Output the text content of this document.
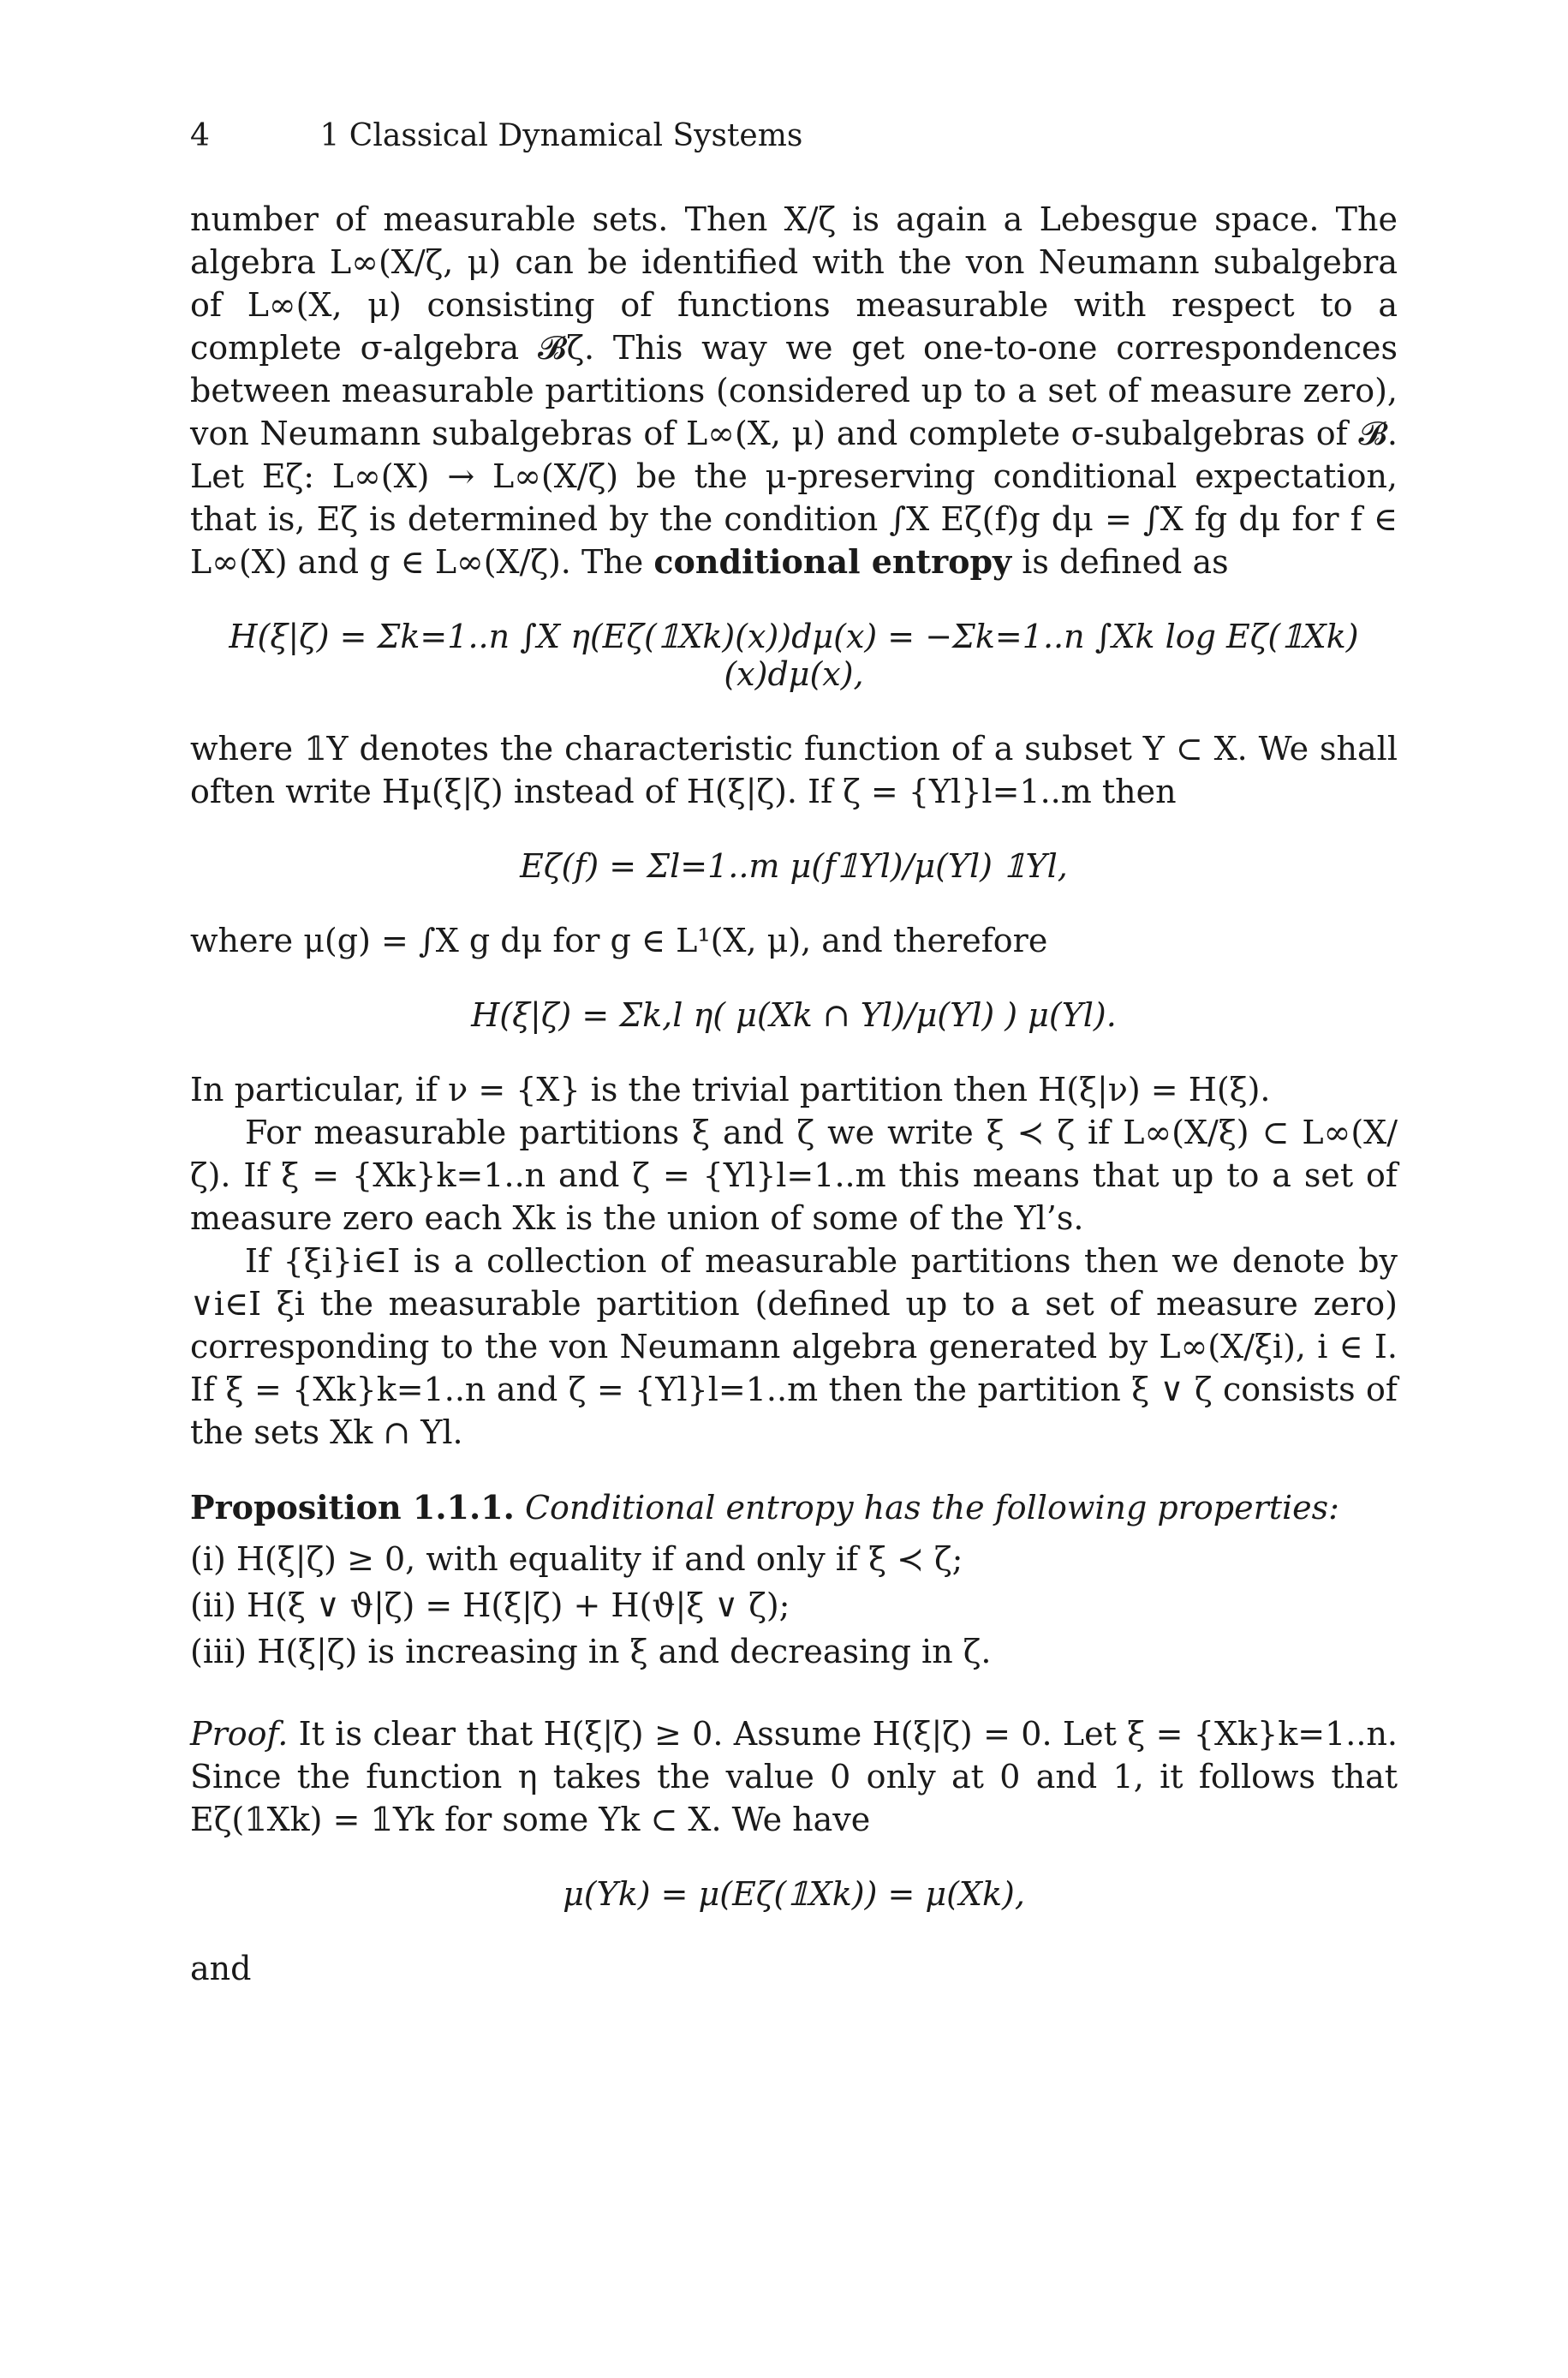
4	1 Classical Dynamical Systems

number of measurable sets. Then X/ζ is again a Lebesgue space. The algebra L∞(X/ζ, μ) can be identified with the von Neumann subalgebra of L∞(X, μ) consisting of functions measurable with respect to a complete σ-algebra 𝓑ζ. This way we get one-to-one correspondences between measurable partitions (considered up to a set of measure zero), von Neumann subalgebras of L∞(X, μ) and complete σ-subalgebras of 𝓑. Let Eζ: L∞(X) → L∞(X/ζ) be the μ-preserving conditional expectation, that is, Eζ is determined by the condition ∫X Eζ(f)g dμ = ∫X fg dμ for f ∈ L∞(X) and g ∈ L∞(X/ζ). The conditional entropy is defined as

H(ξ|ζ) = Σk=1..n ∫X η(Eζ(𝟙Xk)(x))dμ(x) = −Σk=1..n ∫Xk log Eζ(𝟙Xk)(x)dμ(x),

where 𝟙Y denotes the characteristic function of a subset Y ⊂ X. We shall often write Hμ(ξ|ζ) instead of H(ξ|ζ). If ζ = {Yl}l=1..m then

Eζ(f) = Σl=1..m μ(f𝟙Yl)/μ(Yl) 𝟙Yl,

where μ(g) = ∫X g dμ for g ∈ L¹(X, μ), and therefore

H(ξ|ζ) = Σk,l η( μ(Xk ∩ Yl)/μ(Yl) ) μ(Yl).

In particular, if ν = {X} is the trivial partition then H(ξ|ν) = H(ξ).

For measurable partitions ξ and ζ we write ξ ≺ ζ if L∞(X/ξ) ⊂ L∞(X/ζ). If ξ = {Xk}k=1..n and ζ = {Yl}l=1..m this means that up to a set of measure zero each Xk is the union of some of the Yl’s.

If {ξi}i∈I is a collection of measurable partitions then we denote by ∨i∈I ξi the measurable partition (defined up to a set of measure zero) corresponding to the von Neumann algebra generated by L∞(X/ξi), i ∈ I. If ξ = {Xk}k=1..n and ζ = {Yl}l=1..m then the partition ξ ∨ ζ consists of the sets Xk ∩ Yl.

Proposition 1.1.1. Conditional entropy has the following properties:

(i) H(ξ|ζ) ≥ 0, with equality if and only if ξ ≺ ζ;
(ii) H(ξ ∨ ϑ|ζ) = H(ξ|ζ) + H(ϑ|ξ ∨ ζ);
(iii) H(ξ|ζ) is increasing in ξ and decreasing in ζ.

Proof. It is clear that H(ξ|ζ) ≥ 0. Assume H(ξ|ζ) = 0. Let ξ = {Xk}k=1..n. Since the function η takes the value 0 only at 0 and 1, it follows that Eζ(𝟙Xk) = 𝟙Yk for some Yk ⊂ X. We have

μ(Yk) = μ(Eζ(𝟙Xk)) = μ(Xk),

and
